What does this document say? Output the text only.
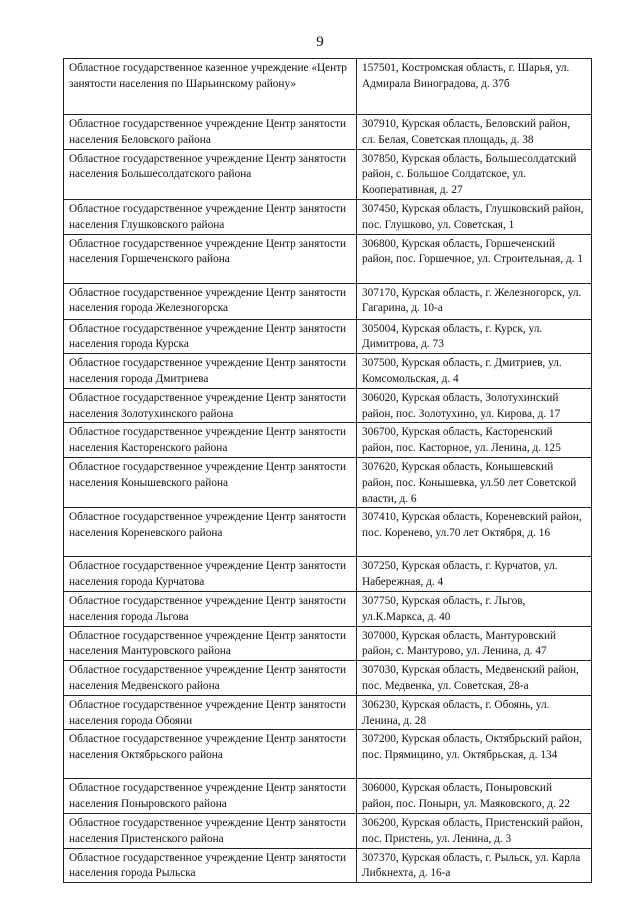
9
Областное государственное казенное учреждение «Центр занятости населения по Шарьинскому району»	157501, Костромская область, г. Шарья, ул. Адмирала Виноградова, д. 37б
Областное государственное учреждение Центр занятости населения Беловского района	307910, Курская область, Беловский район, сл. Белая, Советская площадь, д. 38
Областное государственное учреждение Центр занятости населения Большесолдатского района	307850, Курская область, Большесолдатский район, с. Большое Солдатское, ул. Кооперативная, д. 27
Областное государственное учреждение Центр занятости населения Глушковского района	307450, Курская область, Глушковский район, пос. Глушково, ул. Советская, 1
Областное государственное учреждение Центр занятости населения Горшеченского района	306800, Курская область, Горшеченский район, пос. Горшечное, ул. Строительная, д. 1
Областное государственное учреждение Центр занятости населения города Железногорска	307170, Курская область, г. Железногорск, ул. Гагарина, д. 10-а
Областное государственное учреждение Центр занятости населения города Курска	305004, Курская область, г. Курск, ул. Димитрова, д. 73
Областное государственное учреждение Центр занятости населения города Дмитриева	307500, Курская область, г. Дмитриев, ул. Комсомольская, д. 4
Областное государственное учреждение Центр занятости населения Золотухинского района	306020, Курская область, Золотухинский район, пос. Золотухино, ул. Кирова, д. 17
Областное государственное учреждение Центр занятости населения Касторенского района	306700, Курская область, Касторенский район, пос. Касторное, ул. Ленина, д. 125
Областное государственное учреждение Центр занятости населения Конышевского района	307620, Курская область, Конышевский район, пос. Конышевка, ул.50 лет Советской власти, д. 6
Областное государственное учреждение Центр занятости населения Кореневского района	307410, Курская область, Кореневский район, пос. Коренево, ул.70 лет Октября, д. 16
Областное государственное учреждение Центр занятости населения города Курчатова	307250, Курская область, г. Курчатов, ул. Набережная, д. 4
Областное государственное учреждение Центр занятости населения города Льгова	307750, Курская область, г. Льгов, ул.К.Маркса, д. 40
Областное государственное учреждение Центр занятости населения Мантуровского района	307000, Курская область, Мантуровский район, с. Мантурово, ул. Ленина, д. 47
Областное государственное учреждение Центр занятости населения Медвенского района	307030, Курская область, Медвенский район, пос. Медвенка, ул. Советская, 28-а
Областное государственное учреждение Центр занятости населения города Обояни	306230, Курская область, г. Обоянь, ул. Ленина, д. 28
Областное государственное учреждение Центр занятости населения Октябрьского района	307200, Курская область, Октябрьский район, пос. Прямицино, ул. Октябрьская, д. 134
Областное государственное учреждение Центр занятости населения Поныровского района	306000, Курская область, Поныровский район, пос. Поныри, ул. Маяковского, д. 22
Областное государственное учреждение Центр занятости населения Пристенского района	306200, Курская область, Пристенский район, пос. Пристень, ул. Ленина, д. 3
Областное государственное учреждение Центр занятости населения города Рыльска	307370, Курская область, г. Рыльск, ул. Карла Либкнехта, д. 16-а
